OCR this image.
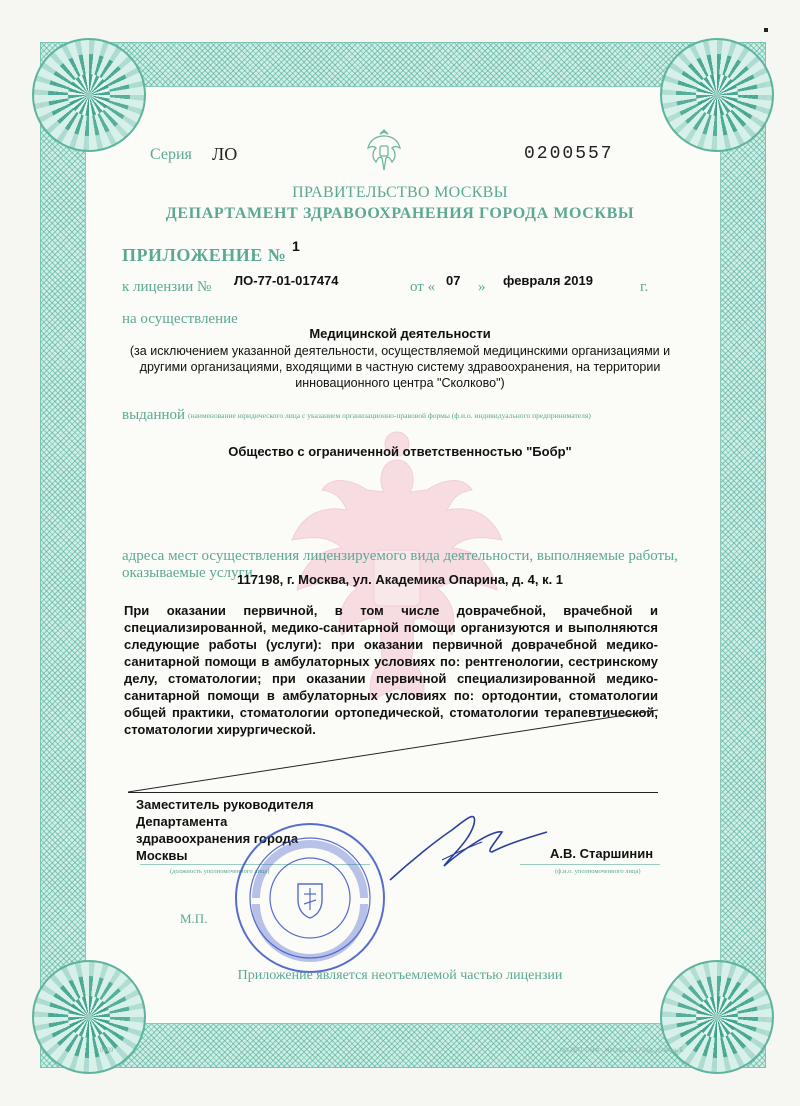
Серия ЛО	0200557
ПРАВИТЕЛЬСТВО МОСКВЫ
ДЕПАРТАМЕНТ ЗДРАВООХРАНЕНИЯ ГОРОДА МОСКВЫ
ПРИЛОЖЕНИЕ № 1
к лицензии № ЛО-77-01-017474	от « 07 » февраля 2019	г.
на осуществление
Медицинской деятельности
(за исключением указанной деятельности, осуществляемой медицинскими организациями и другими организациями, входящими в частную систему здравоохранения, на территории инновационного центра "Сколково")
выданной (наименование юридического лица с указанием организационно-правовой формы (ф.и.о. индивидуального предпринимателя)
Общество с ограниченной ответственностью "Бобр"
адреса мест осуществления лицензируемого вида деятельности, выполняемые работы, оказываемые услуги
117198, г. Москва, ул. Академика Опарина, д. 4, к. 1
При оказании первичной, в том числе доврачебной, врачебной и специализированной, медико-санитарной помощи организуются и выполняются следующие работы (услуги): при оказании первичной доврачебной медико-санитарной помощи в амбулаторных условиях по: рентгенологии, сестринскому делу, стоматологии; при оказании первичной специализированной медико-санитарной помощи в амбулаторных условиях по: ортодонтии, стоматологии общей практики, стоматологии ортопедической, стоматологии терапевтической, стоматологии хирургической.
Заместитель руководителя
Департамента
здравоохранения города
Москвы	А.В. Старшинин
(должность уполномоченного лица)	(ф.и.о. уполномоченного лица)
М.П.
Приложение является неотъемлемой частью лицензии
0409	ЛО-ОПТ-ПМФ - Москва, 2017 год, уровень Б
